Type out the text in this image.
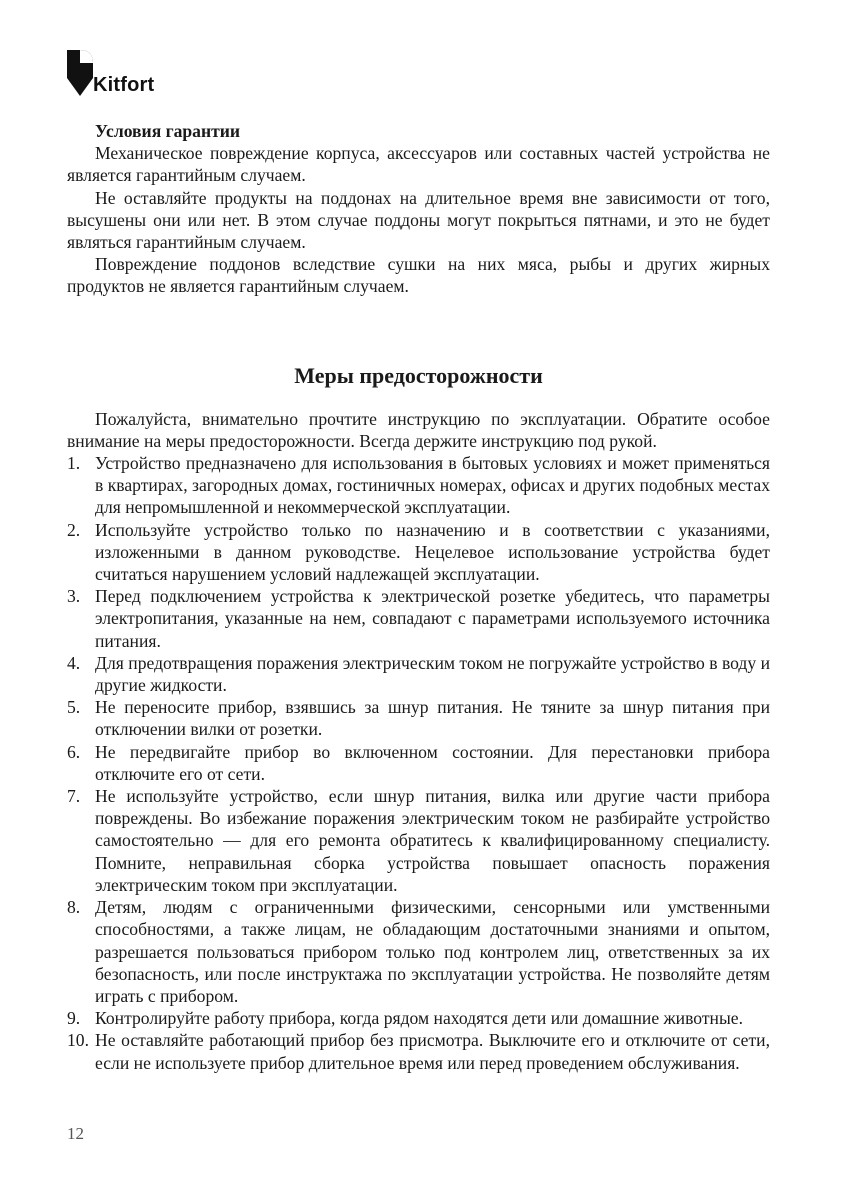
Kitfort

Условия гарантии

Механическое повреждение корпуса, аксессуаров или составных частей устройства не является гарантийным случаем.

Не оставляйте продукты на поддонах на длительное время вне зависимости от того, высушены они или нет. В этом случае поддоны могут покрыться пятнами, и это не будет являться гарантийным случаем.

Повреждение поддонов вследствие сушки на них мяса, рыбы и других жирных продуктов не является гарантийным случаем.

Меры предосторожности

Пожалуйста, внимательно прочтите инструкцию по эксплуатации. Обратите особое внимание на меры предосторожности. Всегда держите инструкцию под рукой.

1. Устройство предназначено для использования в бытовых условиях и может применяться в квартирах, загородных домах, гостиничных номерах, офисах и других подобных местах для непромышленной и некоммерческой эксплуатации.
2. Используйте устройство только по назначению и в соответствии с указаниями, изложенными в данном руководстве. Нецелевое использование устройства будет считаться нарушением условий надлежащей эксплуатации.
3. Перед подключением устройства к электрической розетке убедитесь, что параметры электропитания, указанные на нем, совпадают с параметрами используемого источника питания.
4. Для предотвращения поражения электрическим током не погружайте устройство в воду и другие жидкости.
5. Не переносите прибор, взявшись за шнур питания. Не тяните за шнур питания при отключении вилки от розетки.
6. Не передвигайте прибор во включенном состоянии. Для перестановки прибора отключите его от сети.
7. Не используйте устройство, если шнур питания, вилка или другие части прибора повреждены. Во избежание поражения электрическим током не разбирайте устройство самостоятельно — для его ремонта обратитесь к квалифицированному специалисту. Помните, неправильная сборка устройства повышает опасность поражения электрическим током при эксплуатации.
8. Детям, людям с ограниченными физическими, сенсорными или умственными способностями, а также лицам, не обладающим достаточными знаниями и опытом, разрешается пользоваться прибором только под контролем лиц, ответственных за их безопасность, или после инструктажа по эксплуатации устройства. Не позволяйте детям играть с прибором.
9. Контролируйте работу прибора, когда рядом находятся дети или домашние животные.
10. Не оставляйте работающий прибор без присмотра. Выключите его и отключите от сети, если не используете прибор длительное время или перед проведением обслуживания.
12
